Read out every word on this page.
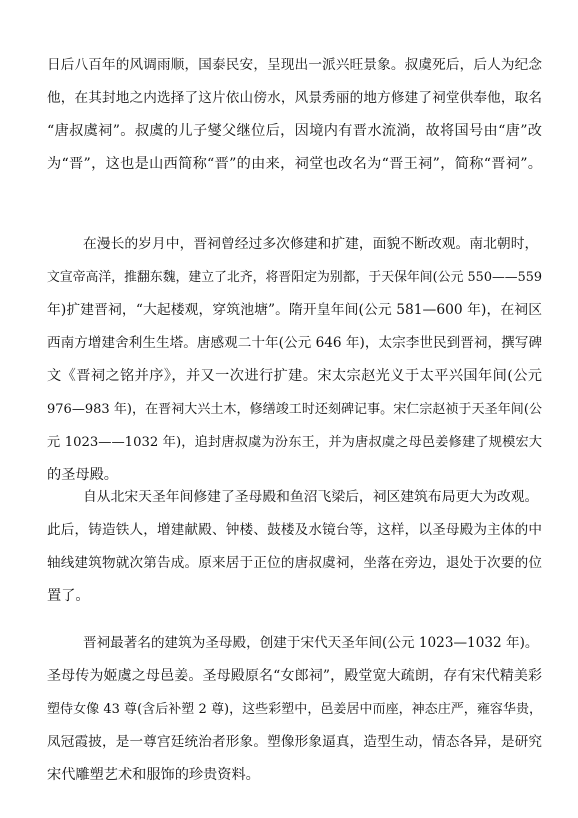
日后八百年的风调雨顺，国泰民安，呈现出一派兴旺景象。叔虞死后，后人为纪念
他，在其封地之内选择了这片依山傍水，风景秀丽的地方修建了祠堂供奉他，取名
“唐叔虞祠”。叔虞的儿子燮父继位后，因境内有晋水流淌，故将国号由“唐”改
为“晋”，这也是山西简称“晋”的由来，祠堂也改名为“晋王祠”，简称“晋祠”。
在漫长的岁月中，晋祠曾经过多次修建和扩建，面貌不断改观。南北朝时，
文宣帝高洋，推翻东魏，建立了北齐，将晋阳定为别都，于天保年间(公元 550——559
年)扩建晋祠，“大起楼观，穿筑池塘”。隋开皇年间(公元 581—600 年)，在祠区
西南方增建舍利生生塔。唐感观二十年(公元 646 年)，太宗李世民到晋祠，撰写碑
文《晋祠之铭并序》，并又一次进行扩建。宋太宗赵光义于太平兴国年间(公元
976—983 年)，在晋祠大兴土木，修缮竣工时还刻碑记事。宋仁宗赵祯于天圣年间(公
元 1023——1032 年)，追封唐叔虞为汾东王，并为唐叔虞之母邑姜修建了规模宏大
的圣母殿。
自从北宋天圣年间修建了圣母殿和鱼沼飞梁后，祠区建筑布局更大为改观。
此后，铸造铁人，增建献殿、钟楼、鼓楼及水镜台等，这样，以圣母殿为主体的中
轴线建筑物就次第告成。原来居于正位的唐叔虞祠，坐落在旁边，退处于次要的位
置了。
晋祠最著名的建筑为圣母殿，创建于宋代天圣年间(公元 1023—1032 年)。
圣母传为姬虞之母邑姜。圣母殿原名“女郎祠”，殿堂宽大疏朗，存有宋代精美彩
塑侍女像 43 尊(含后补塑 2 尊)，这些彩塑中，邑姜居中而座，神态庄严，雍容华贵，
凤冠霞披，是一尊宫廷统治者形象。塑像形象逼真，造型生动，情态各异，是研究
宋代雕塑艺术和服饰的珍贵资料。
